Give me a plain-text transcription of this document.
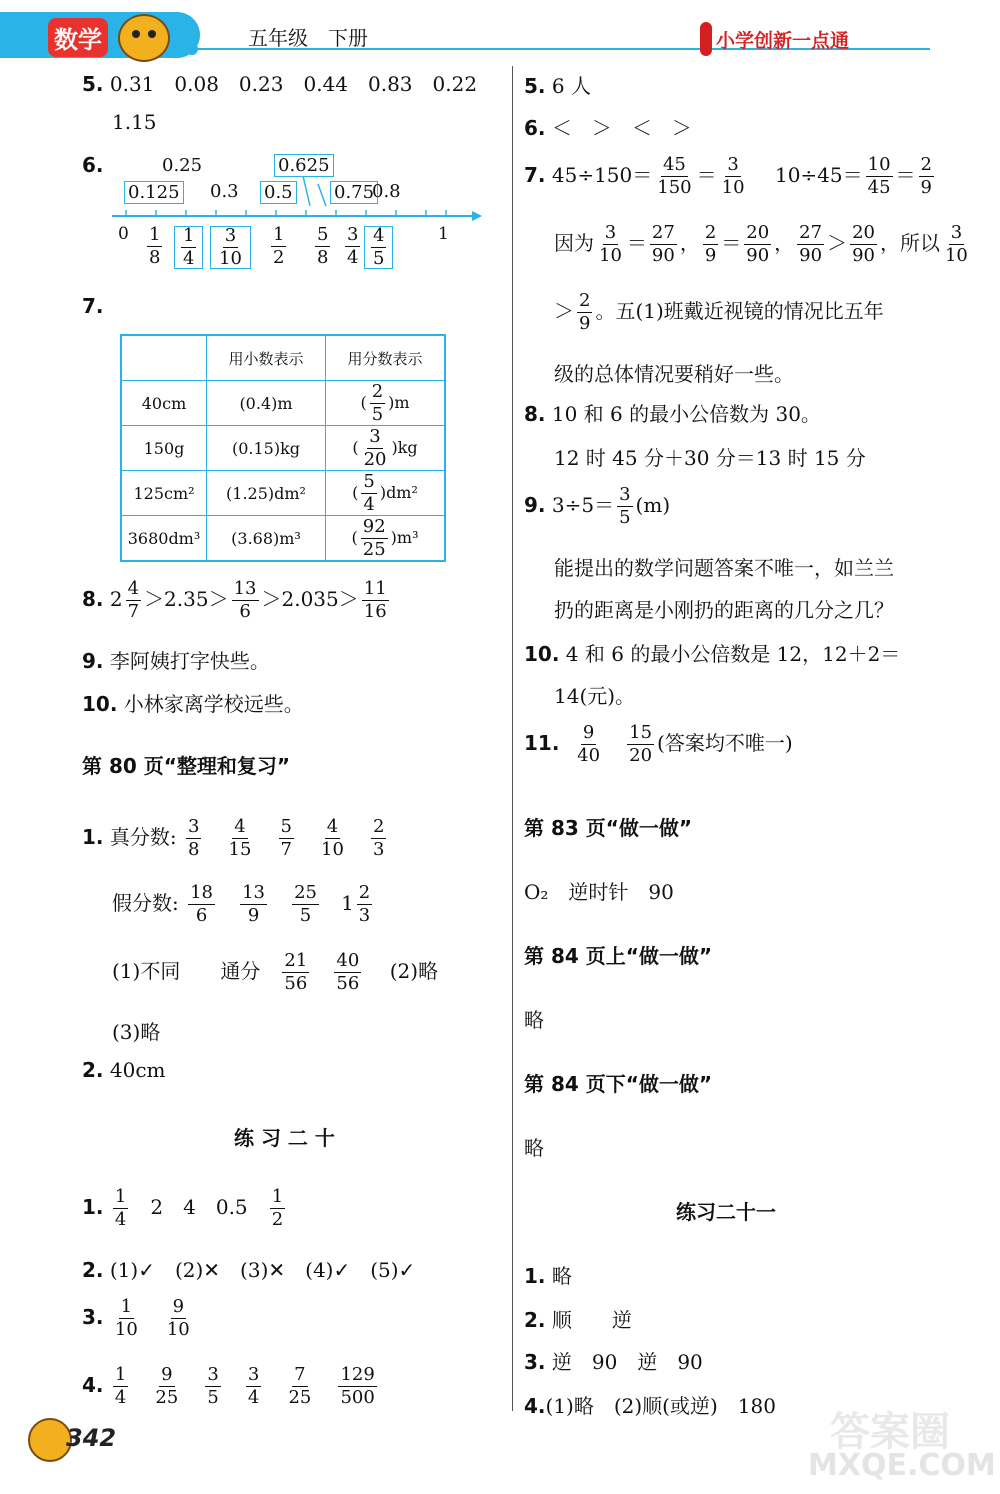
数学	五年级　下册	小学创新一点通
5. 0.31　0.08　0.23　0.44　0.83　0.22
1.15
6.	0.25	0.625
0.125 0.3 0.5 0.75
0.8
0	1
$\frac{1}{8} \frac{1}{4} \frac{3}{10} \frac{1}{2} \frac{5}{8} \frac{3}{4} \frac{4}{5}$
7.
	用小数表示	用分数表示
40cm	(0.4)m	( $\frac{2}{5} )m$
150g	(0.15)kg	( $\frac{3}{20} )kg$
125cm²	(1.25)dm²	( $\frac{5}{4} )dm^2$
3680dm³	(3.68)m³	( $\frac{92}{25} )m^3$
8. $2 \frac{4}{7} >2.35> \frac{13}{6} >2.035> \frac{11}{16}$
9. 李阿姨打字快些。
10. 小林家离学校远些。
第 80 页“整理和复习”
1. 真分数: $\frac{3}{8}$
$\frac{4}{15}$
$\frac{5}{7}$
$\frac{4}{10}$
$\frac{2}{3}$
假分数: $\frac{18}{6}$
$\frac{13}{9}$
$\frac{25}{5} 1 \frac{2}{3}$
(1)不同　　通分 $\frac{21}{56}$
$\frac{40}{56} (2)$略
(3)略
2. 40cm
练 习 二 十
1. $\frac{1}{4} 2$　4　$0.5 \frac{1}{2}$
2. (1)✓　(2)✕　(3)✕　(4)✓　(5)✓
3. $\frac{1}{10}$
$\frac{9}{10}$
4. $\frac{1}{4}$
$\frac{9}{25}$
$\frac{3}{5}$
$\frac{3}{4}$
$\frac{7}{25}$
$\frac{129}{500}$
5. 6 人
6. ＜　＞　＜　＞
7. $45\div 150= \frac{45}{150} = \frac{3}{10} 10\div 45= \frac{10}{45} = \frac{2}{9}$
因为 $\frac{3}{10} = \frac{27}{90}$ ， $\frac{2}{9} = \frac{20}{90}$ ， $\frac{27}{90} > \frac{20}{90}$ ，所以 $\frac{3}{10}$
＞ $\frac{2}{9}$ 。五(1)班戴近视镜的情况比五年
级的总体情况要稍好一些。
8. 10 和 6 的最小公倍数为 30。
12 时 45 分＋30 分＝13 时 15 分
9. $3\div 5= \frac{3}{5} (m)$
能提出的数学问题答案不唯一，如兰兰
扔的距离是小刚扔的距离的几分之几？
10. 4 和 6 的最小公倍数是 12，12＋2＝
14(元)。
11. $\frac{9}{40}$
$\frac{15}{20}$ (答案均不唯一)
第 83 页“做一做”
O₂　逆时针　90
第 84 页上“做一做”
略
第 84 页下“做一做”
略
练习二十一
1. 略
2. 顺　　逆
3. 逆　90　逆　90
4.(1)略　(2)顺(或逆)　180
342	答案圈
MXQE.COM
